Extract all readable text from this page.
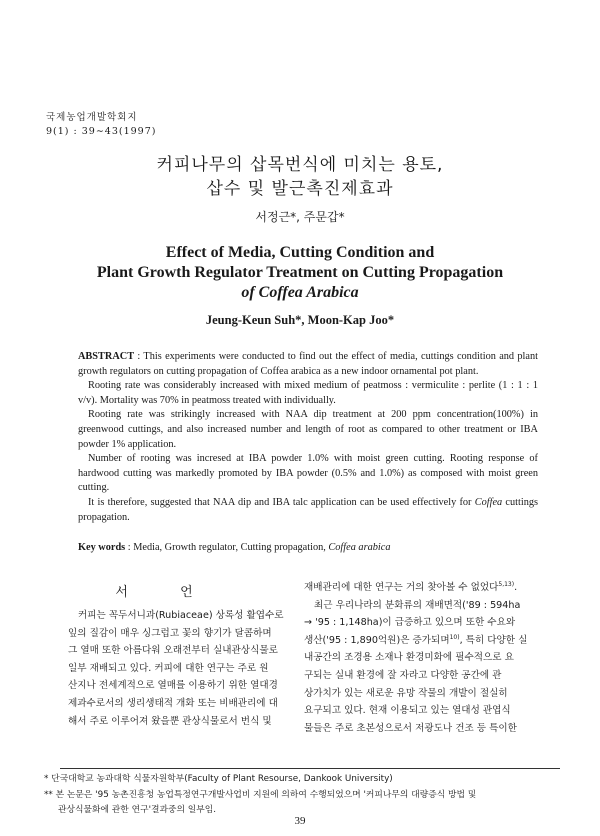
국제농업개발학회지
9(1) : 39∼43(1997)
커피나무의 삽목번식에 미치는 용토,
삽수 및 발근촉진제효과
서정근*, 주문갑*
Effect of Media, Cutting Condition and
Plant Growth Regulator Treatment on Cutting Propagation
of Coffea Arabica
Jeung-Keun Suh*, Moon-Kap Joo*

ABSTRACT : This experiments were conducted to find out the effect of media, cuttings condition and plant growth regulators on cutting propagation of Coffea arabica as a new indoor ornamental pot plant.

Rooting rate was considerably increased with mixed medium of peatmoss : vermiculite : perlite (1 : 1 : 1 v/v). Mortality was 70% in peatmoss treated with individually.

Rooting rate was strikingly increased with NAA dip treatment at 200 ppm concentration(100%) in greenwood cuttings, and also increased number and length of root as compared to other treatment or IBA powder 1% application.

Number of rooting was incresed at IBA powder 1.0% with moist green cutting. Rooting response of hardwood cutting was markedly promoted by IBA powder (0.5% and 1.0%) as composed with moist green cutting.

It is therefore, suggested that NAA dip and IBA talc application can be used effectively for Coffea cuttings propagation.

Key words : Media, Growth regulator, Cutting propagation, Coffea arabica
서 언
커피는 꼭두서니과(Rubiaceae) 상록성 활엽수로
잎의 질감이 매우 싱그럽고 꽃의 향기가 달콤하며
그 열매 또한 아름다워 오래전부터 실내관상식물로
일부 재배되고 있다. 커피에 대한 연구는 주로 원
산지나 전세계적으로 열매를 이용하기 위한 열대경
제과수로서의 생리생태적 개화 또는 비배관리에 대
해서 주로 이루어져 왔을뿐 관상식물로서 번식 및
재배관리에 대한 연구는 거의 찾아볼 수 없었다$^{5,13)}$.
최근 우리나라의 분화류의 재배면적('89 : 594ha
→ '95 : 1,148ha)이 급증하고 있으며 또한 수요와
생산('95 : 1,890억원)은 증가되며$^{10)}$, 특히 다양한 실
내공간의 조경용 소재나 환경미화에 필수적으로 요
구되는 실내 환경에 잘 자라고 다양한 공간에 관
상가치가 있는 새로운 유망 작물의 개발이 절실히
요구되고 있다. 현재 이용되고 있는 열대성 관엽식
물들은 주로 초본성으로서 저광도나 건조 등 특이한
* 단국대학교 농과대학 식물자원학부(Faculty of Plant Resourse, Dankook University)
** 본 논문은 '95 농촌진흥청 농업특정연구개발사업비 지원에 의하여 수행되었으며 '커피나무의 대량증식 방법 및
관상식물화에 관한 연구'결과중의 일부임.
39
